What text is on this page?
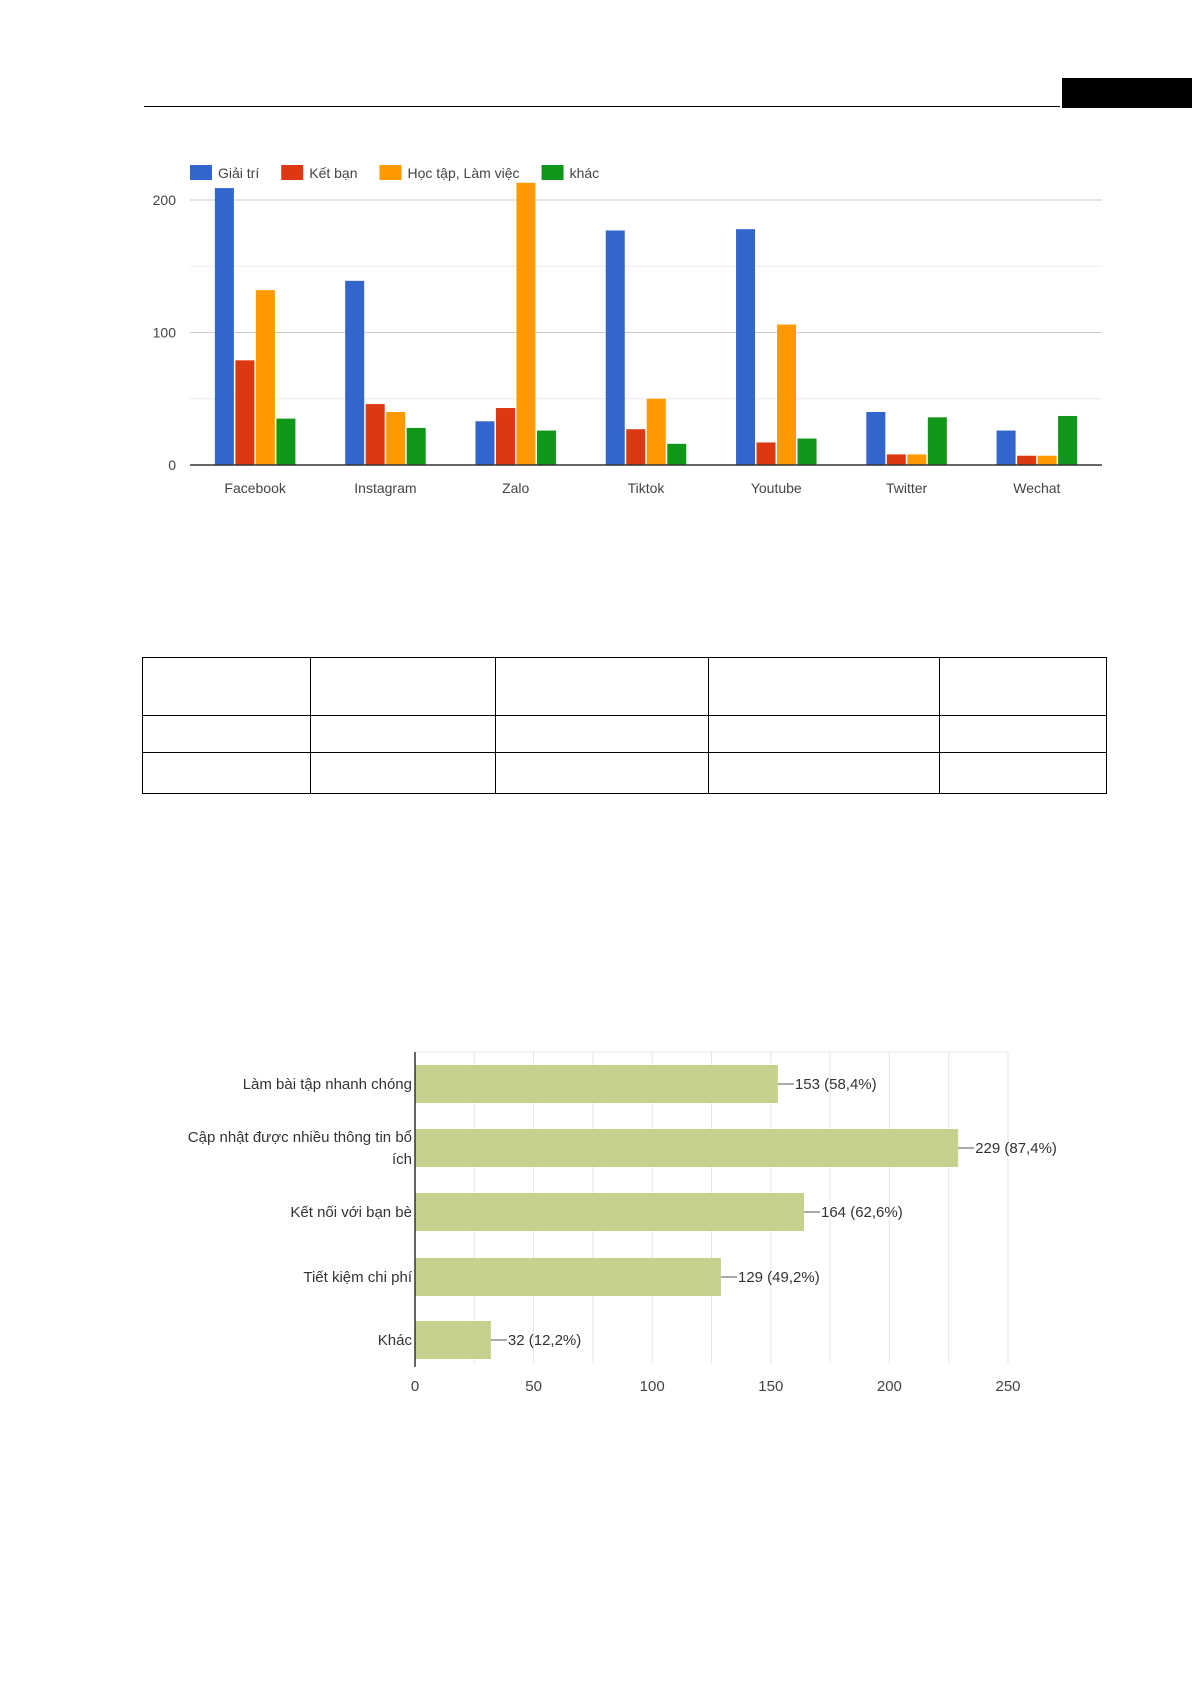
0
100
200
Facebook	Instagram	Zalo	Tiktok	Youtube	Twitter	Wechat
Giải trí	Kết bạn	Học tập, Làm việc	khác

153 (58,4%)
Làm bài tập nhanh chóng
229 (87,4%)
Cập nhật được nhiều thông tin bổ
ích
164 (62,6%)
Kết nối với bạn bè
129 (49,2%)
Tiết kiệm chi phí
32 (12,2%)
Khác
0	50	100	150	200	250
